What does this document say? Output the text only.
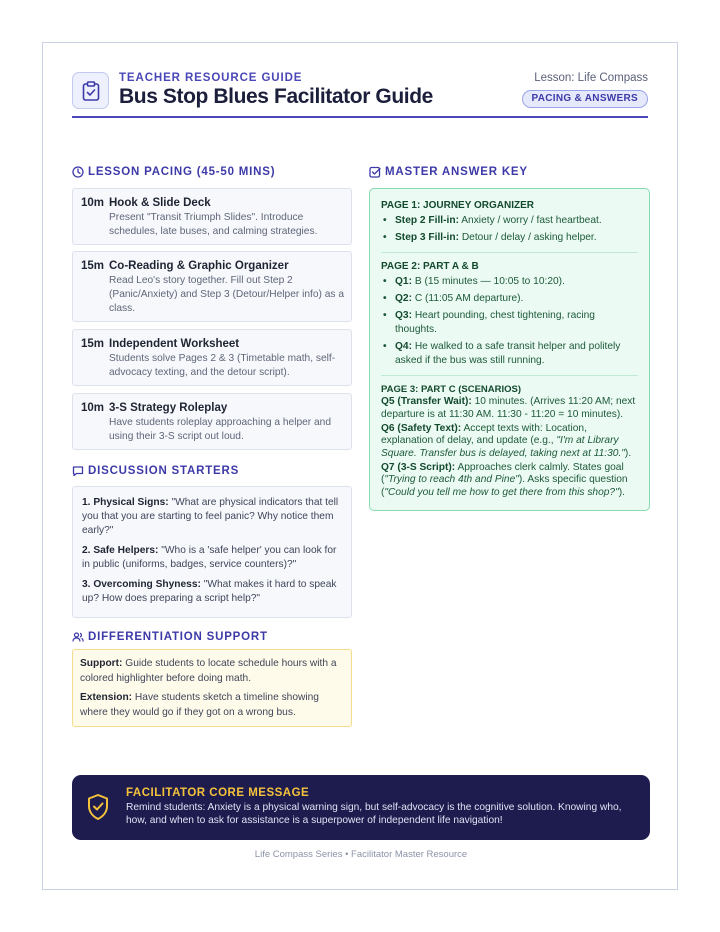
TEACHER RESOURCE GUIDE
Bus Stop Blues Facilitator Guide
Lesson: Life Compass
PACING & ANSWERS
LESSON PACING (45-50 MINS)
10m Hook & Slide Deck
Present "Transit Triumph Slides". Introduce schedules, late buses, and calming strategies.
15m Co-Reading & Graphic Organizer
Read Leo's story together. Fill out Step 2 (Panic/Anxiety) and Step 3 (Detour/Helper info) as a class.
15m Independent Worksheet
Students solve Pages 2 & 3 (Timetable math, self-advocacy texting, and the detour script).
10m 3-S Strategy Roleplay
Have students roleplay approaching a helper and using their 3-S script out loud.
DISCUSSION STARTERS

1. Physical Signs: "What are physical indicators that tell you that you are starting to feel panic? Why notice them early?"

2. Safe Helpers: "Who is a 'safe helper' you can look for in public (uniforms, badges, service counters)?"

3. Overcoming Shyness: "What makes it hard to speak up? How does preparing a script help?"

DIFFERENTIATION SUPPORT

Support: Guide students to locate schedule hours with a colored highlighter before doing math.

Extension: Have students sketch a timeline showing where they would go if they got on a wrong bus.

MASTER ANSWER KEY
PAGE 1: JOURNEY ORGANIZER
• Step 2 Fill-in: Anxiety / worry / fast heartbeat.
• Step 3 Fill-in: Detour / delay / asking helper.
PAGE 2: PART A & B
• Q1: B (15 minutes — 10:05 to 10:20).
• Q2: C (11:05 AM departure).
• Q3: Heart pounding, chest tightening, racing thoughts.
• Q4: He walked to a safe transit helper and politely asked if the bus was still running.
PAGE 3: PART C (SCENARIOS)
Q5 (Transfer Wait): 10 minutes. (Arrives 11:20 AM; next departure is at 11:30 AM. 11:30 - 11:20 = 10 minutes).
Q6 (Safety Text): Accept texts with: Location, explanation of delay, and update (e.g., "I'm at Library Square. Transfer bus is delayed, taking next at 11:30.").
Q7 (3-S Script): Approaches clerk calmly. States goal ("Trying to reach 4th and Pine"). Asks specific question ("Could you tell me how to get there from this shop?").
FACILITATOR CORE MESSAGE
Remind students: Anxiety is a physical warning sign, but self-advocacy is the cognitive solution. Knowing who, how, and when to ask for assistance is a superpower of independent life navigation!
Life Compass Series • Facilitator Master Resource
